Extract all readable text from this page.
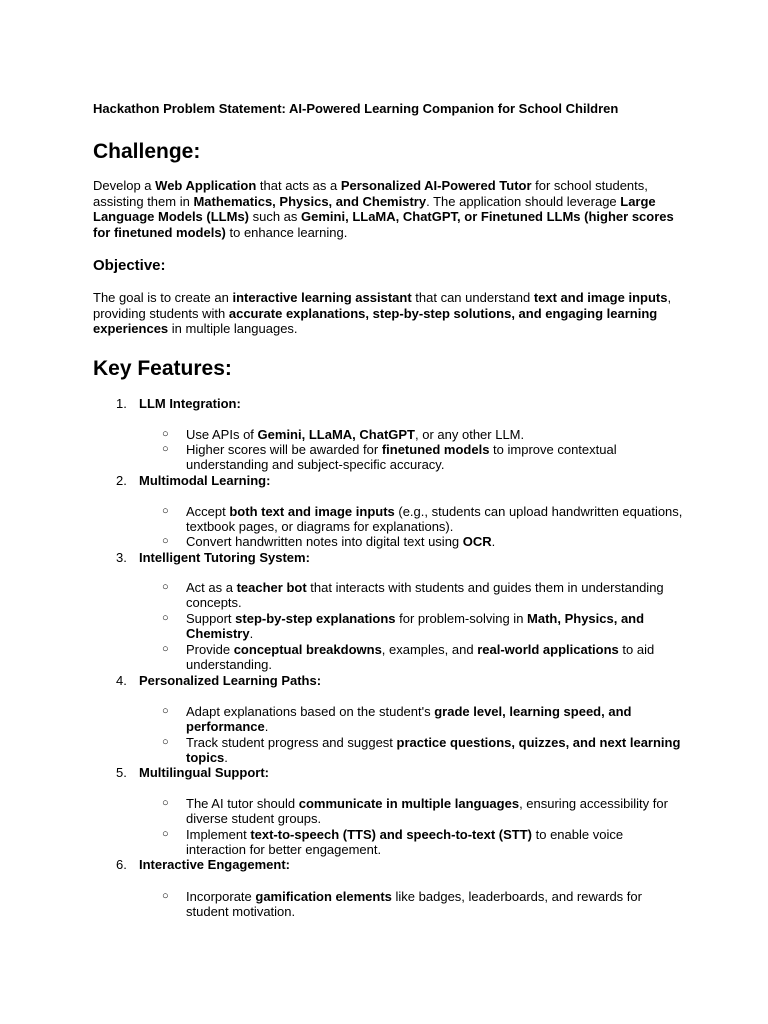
Hackathon Problem Statement: AI-Powered Learning Companion for School Children
Challenge:
Develop a Web Application that acts as a Personalized AI-Powered Tutor for school students, assisting them in Mathematics, Physics, and Chemistry. The application should leverage Large Language Models (LLMs) such as Gemini, LLaMA, ChatGPT, or Finetuned LLMs (higher scores for finetuned models) to enhance learning.
Objective:
The goal is to create an interactive learning assistant that can understand text and image inputs, providing students with accurate explanations, step-by-step solutions, and engaging learning experiences in multiple languages.
Key Features:
1. LLM Integration:
○	Use APIs of Gemini, LLaMA, ChatGPT, or any other LLM.
○	Higher scores will be awarded for finetuned models to improve contextual understanding and subject-specific accuracy.
2. Multimodal Learning:
○	Accept both text and image inputs (e.g., students can upload handwritten equations, textbook pages, or diagrams for explanations).
○	Convert handwritten notes into digital text using OCR.
3. Intelligent Tutoring System:
○	Act as a teacher bot that interacts with students and guides them in understanding concepts.
○	Support step-by-step explanations for problem-solving in Math, Physics, and Chemistry.
○	Provide conceptual breakdowns, examples, and real-world applications to aid understanding.
4. Personalized Learning Paths:
○	Adapt explanations based on the student's grade level, learning speed, and performance.
○	Track student progress and suggest practice questions, quizzes, and next learning topics.
5. Multilingual Support:
○	The AI tutor should communicate in multiple languages, ensuring accessibility for diverse student groups.
○	Implement text-to-speech (TTS) and speech-to-text (STT) to enable voice interaction for better engagement.
6. Interactive Engagement:
○	Incorporate gamification elements like badges, leaderboards, and rewards for student motivation.
